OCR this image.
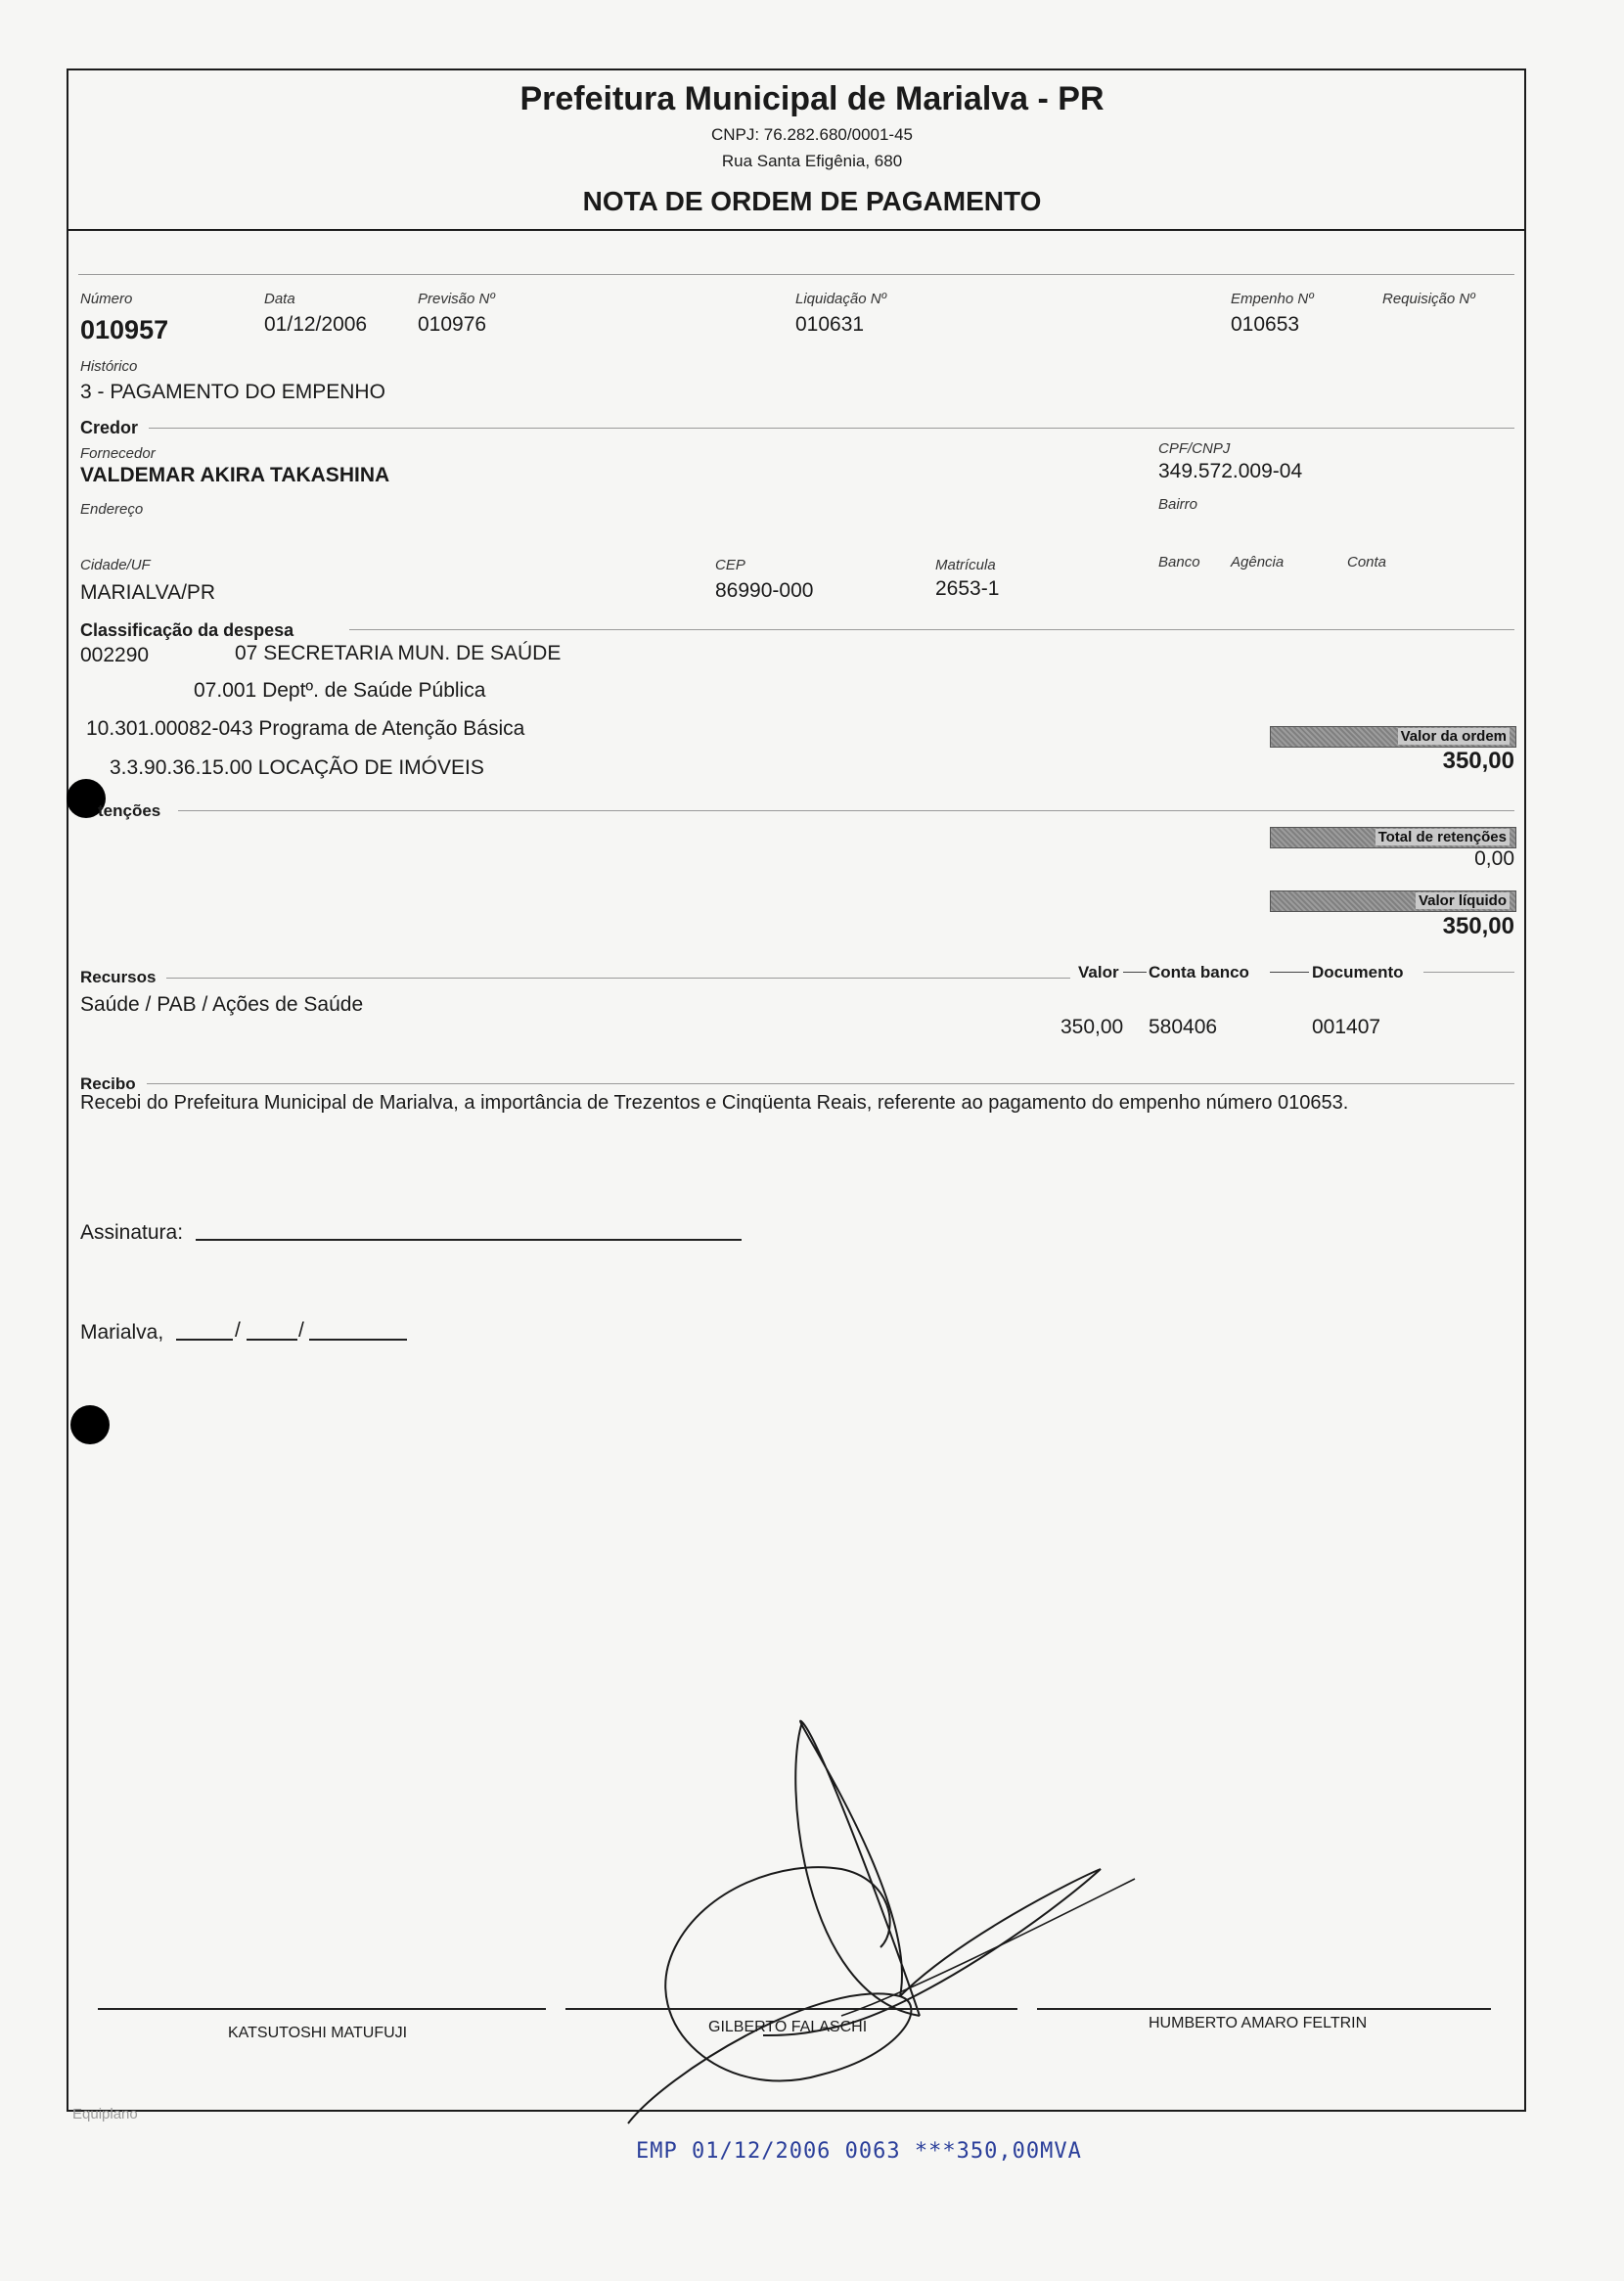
Prefeitura Municipal de Marialva - PR
CNPJ: 76.282.680/0001-45
Rua Santa Efigênia, 680
NOTA DE ORDEM DE PAGAMENTO
Número
010957
Data
01/12/2006
Previsão Nº
010976
Liquidação Nº
010631
Empenho Nº
010653
Requisição Nº
Histórico
3 - PAGAMENTO DO EMPENHO
Credor
Fornecedor
VALDEMAR AKIRA TAKASHINA
CPF/CNPJ
349.572.009-04
Endereço	Bairro
Cidade/UF
MARIALVA/PR
CEP
86990-000
Matrícula
2653-1
Banco Agência	Conta
Classificação da despesa
002290	07 SECRETARIA MUN. DE SAÚDE
07.001 Deptº. de Saúde Pública
10.301.00082-043 Programa de Atenção Básica
3.3.90.36.15.00 LOCAÇÃO DE IMÓVEIS
Valor da ordem
350,00
tenções
Total de retenções
0,00
Valor líquido
350,00
Recursos	Valor Conta banco	Documento
Saúde / PAB / Ações de Saúde
350,00 580406	001407
Recibo
Recebi do Prefeitura Municipal de Marialva, a importância de Trezentos e Cinqüenta Reais, referente ao pagamento do empenho número 010653.
Assinatura:
Marialva,	/	/
KATSUTOSHI MATUFUJI	GILBERTO FALASCHI	HUMBERTO AMARO FELTRIN
Equiplano
EMP 01/12/2006 0063 ***350,00MVA
